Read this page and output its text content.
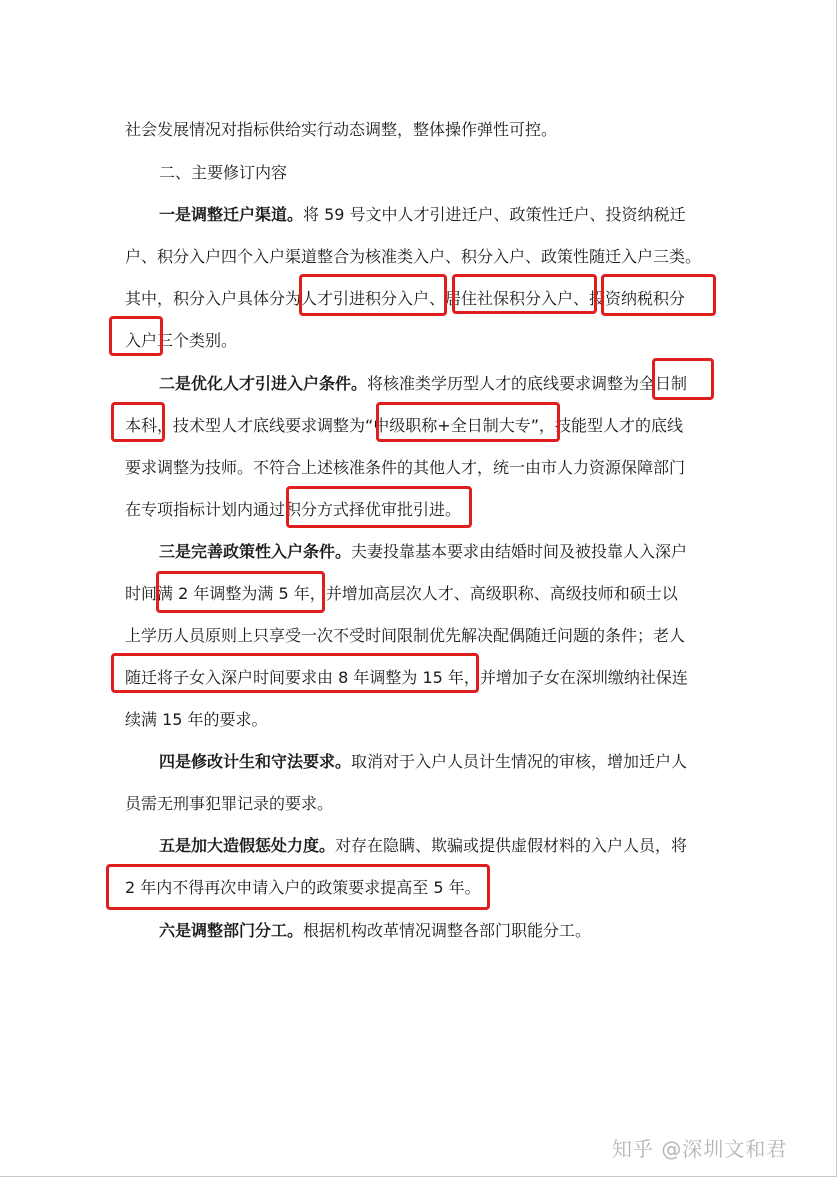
社会发展情况对指标供给实行动态调整，整体操作弹性可控。
二、主要修订内容
一是调整迁户渠道。将 59 号文中人才引进迁户、政策性迁户、投资纳税迁
户、积分入户四个入户渠道整合为核准类入户、积分入户、政策性随迁入户三类。
其中，积分入户具体分为人才引进积分入户、居住社保积分入户、投资纳税积分
入户三个类别。
二是优化人才引进入户条件。将核准类学历型人才的底线要求调整为全日制
本科，技术型人才底线要求调整为“中级职称+全日制大专”，技能型人才的底线
要求调整为技师。不符合上述核准条件的其他人才，统一由市人力资源保障部门
在专项指标计划内通过积分方式择优审批引进。
三是完善政策性入户条件。夫妻投靠基本要求由结婚时间及被投靠人入深户
时间满 2 年调整为满 5 年，并增加高层次人才、高级职称、高级技师和硕士以
上学历人员原则上只享受一次不受时间限制优先解决配偶随迁问题的条件；老人
随迁将子女入深户时间要求由 8 年调整为 15 年，并增加子女在深圳缴纳社保连
续满 15 年的要求。
四是修改计生和守法要求。取消对于入户人员计生情况的审核，增加迁户人
员需无刑事犯罪记录的要求。
五是加大造假惩处力度。对存在隐瞒、欺骗或提供虚假材料的入户人员，将
2 年内不得再次申请入户的政策要求提高至 5 年。
六是调整部门分工。根据机构改革情况调整各部门职能分工。
知乎 @深圳文和君
